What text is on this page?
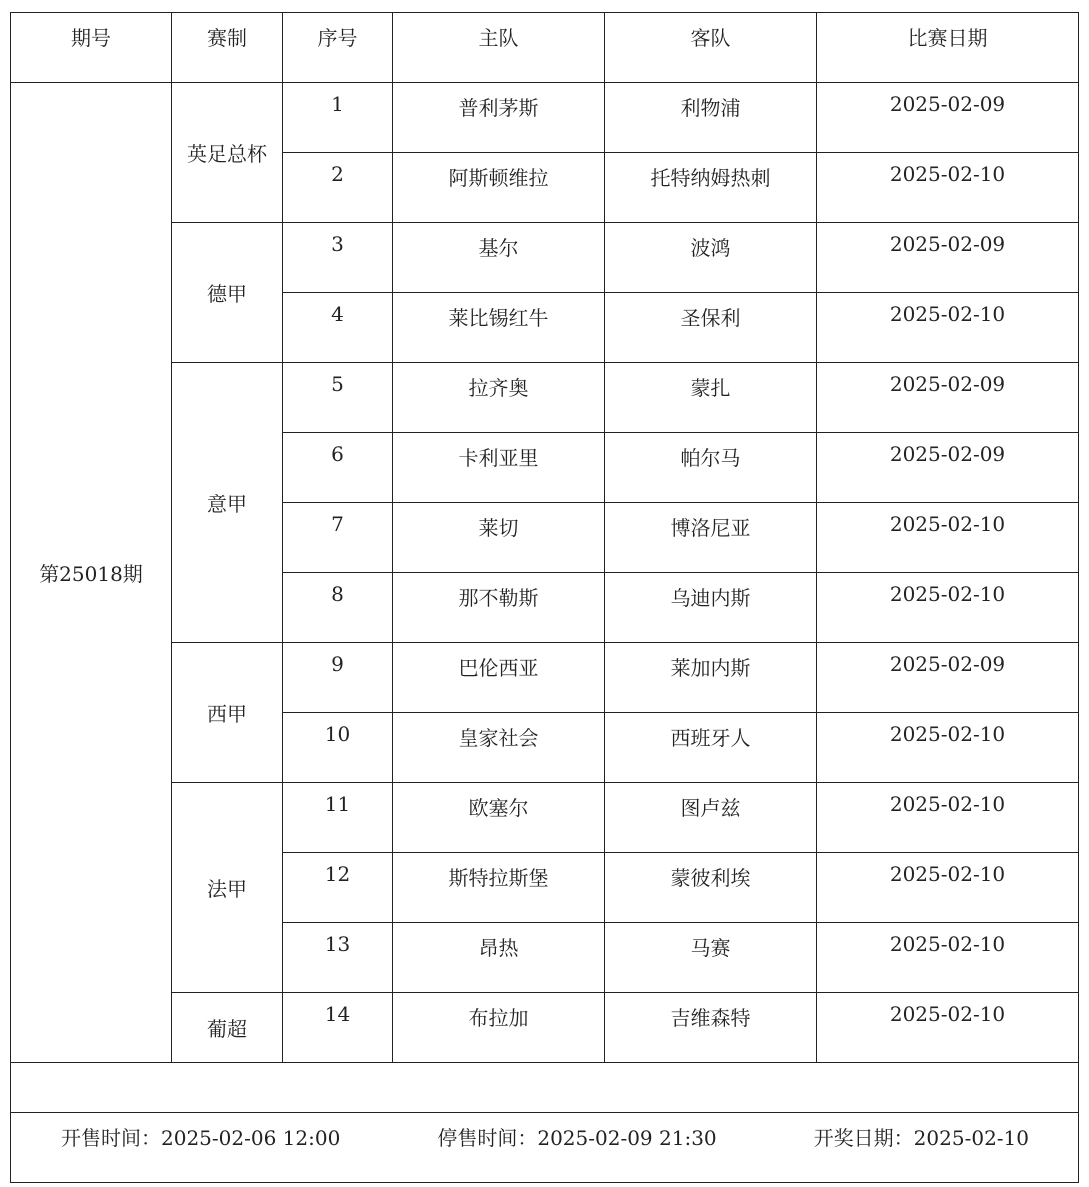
期号	赛制	序号	主队	客队	比赛日期
第25018期	英足总杯	1	普利茅斯	利物浦	2025-02-09
		2	阿斯顿维拉	托特纳姆热刺	2025-02-10
	德甲	3	基尔	波鸿	2025-02-09
		4	莱比锡红牛	圣保利	2025-02-10
	意甲	5	拉齐奥	蒙扎	2025-02-09
		6	卡利亚里	帕尔马	2025-02-09
		7	莱切	博洛尼亚	2025-02-10
		8	那不勒斯	乌迪内斯	2025-02-10
	西甲	9	巴伦西亚	莱加内斯	2025-02-09
		10	皇家社会	西班牙人	2025-02-10
	法甲	11	欧塞尔	图卢兹	2025-02-10
		12	斯特拉斯堡	蒙彼利埃	2025-02-10
		13	昂热	马赛	2025-02-10
	葡超	14	布拉加	吉维森特	2025-02-10

开售时间：2025-02-06 12:00 停售时间：2025-02-09 21:30 开奖日期：2025-02-10					
